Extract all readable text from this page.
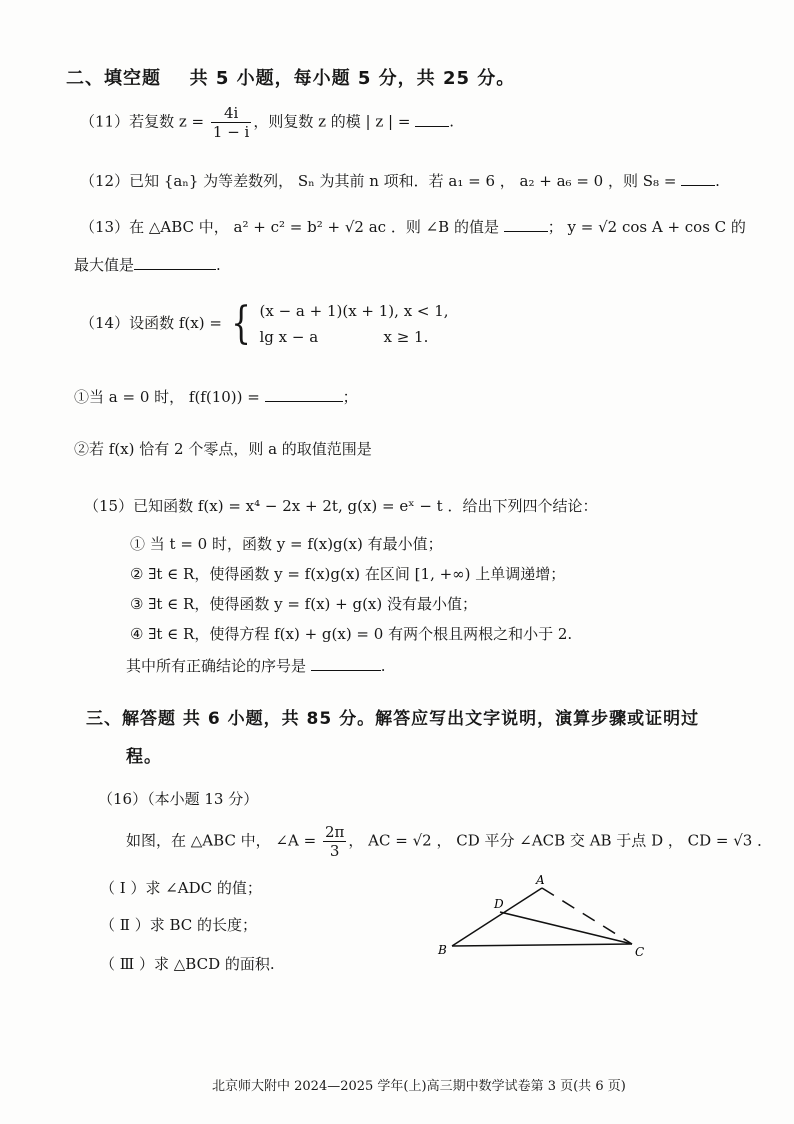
二、填空题 共 5 小题，每小题 5 分，共 25 分。
（11）若复数 $z = \frac{4i}{1 - i}$ ，则复数 z 的模 | z | =	.
（12）已知 {aₙ} 为等差数列， Sₙ 为其前 n 项和．若 a₁ = 6 ， a₂ + a₆ = 0 ，则 S₈ =	.
（13）在 △ABC 中， a² + c² = b² + √2 ac ．则 ∠B 的值是	； y = √2 cos A + cos C 的
最大值是	.
（14）设函数 f(x) = { (x − a + 1)(x + 1), x < 1,
lg x − a	x ≥ 1.
①当 a = 0 时， f(f(10)) =	；
②若 f(x) 恰有 2 个零点，则 a 的取值范围是
（15）已知函数 f(x) = x⁴ − 2x + 2t, g(x) = eˣ − t ．给出下列四个结论：
① 当 t = 0 时，函数 y = f(x)g(x) 有最小值；
② ∃t ∈ R，使得函数 y = f(x)g(x) 在区间 [1, +∞) 上单调递增；
③ ∃t ∈ R，使得函数 y = f(x) + g(x) 没有最小值；
④ ∃t ∈ R，使得方程 f(x) + g(x) = 0 有两个根且两根之和小于 2.
其中所有正确结论的序号是	.
三、解答题 共 6 小题，共 85 分。解答应写出文字说明，演算步骤或证明过
程。
（16）（本小题 13 分）
如图，在 △ABC 中， ∠A = $\frac{2\pi}{3}$ ， AC = √2 ， CD 平分 ∠ACB 交 AB 于点 D ， CD = √3 ．
（ Ⅰ ）求 ∠ADC 的值；
（ Ⅱ ）求 BC 的长度；
（ Ⅲ ）求 △BCD 的面积.
A
B	C
D
北京师大附中 2024—2025 学年(上)高三期中数学试卷第 3 页(共 6 页)
